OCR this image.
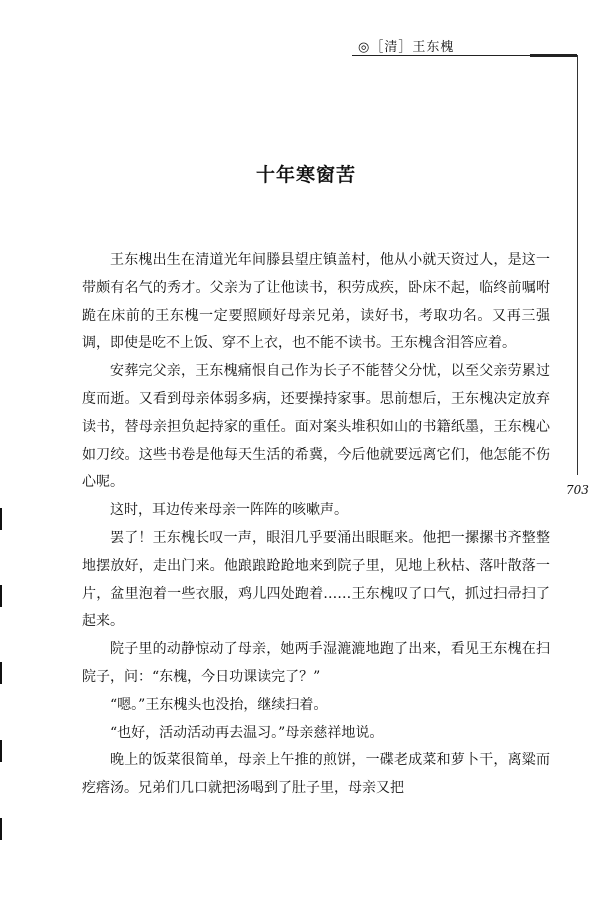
◎［清］王东槐
703
十年寒窗苦

王东槐出生在清道光年间滕县望庄镇盖村，他从小就天资过人，是这一带颇有名气的秀才。父亲为了让他读书，积劳成疾，卧床不起，临终前嘱咐跪在床前的王东槐一定要照顾好母亲兄弟，读好书，考取功名。又再三强调，即使是吃不上饭、穿不上衣，也不能不读书。王东槐含泪答应着。

安葬完父亲，王东槐痛恨自己作为长子不能替父分忧，以至父亲劳累过度而逝。又看到母亲体弱多病，还要操持家事。思前想后，王东槐决定放弃读书，替母亲担负起持家的重任。面对案头堆积如山的书籍纸墨，王东槐心如刀绞。这些书卷是他每天生活的希冀，今后他就要远离它们，他怎能不伤心呢。

这时，耳边传来母亲一阵阵的咳嗽声。

罢了！王东槐长叹一声，眼泪几乎要涌出眼眶来。他把一摞摞书齐整整地摆放好，走出门来。他踉踉跄跄地来到院子里，见地上秋枯、落叶散落一片，盆里泡着一些衣服，鸡儿四处跑着……王东槐叹了口气，抓过扫帚扫了起来。

院子里的动静惊动了母亲，她两手湿漉漉地跑了出来，看见王东槐在扫院子，问：“东槐，今日功课读完了？”

“嗯。”王东槐头也没抬，继续扫着。

“也好，活动活动再去温习。”母亲慈祥地说。

晚上的饭菜很简单，母亲上午推的煎饼，一碟老成菜和萝卜干，离粱而疙瘩汤。兄弟们几口就把汤喝到了肚子里，母亲又把
